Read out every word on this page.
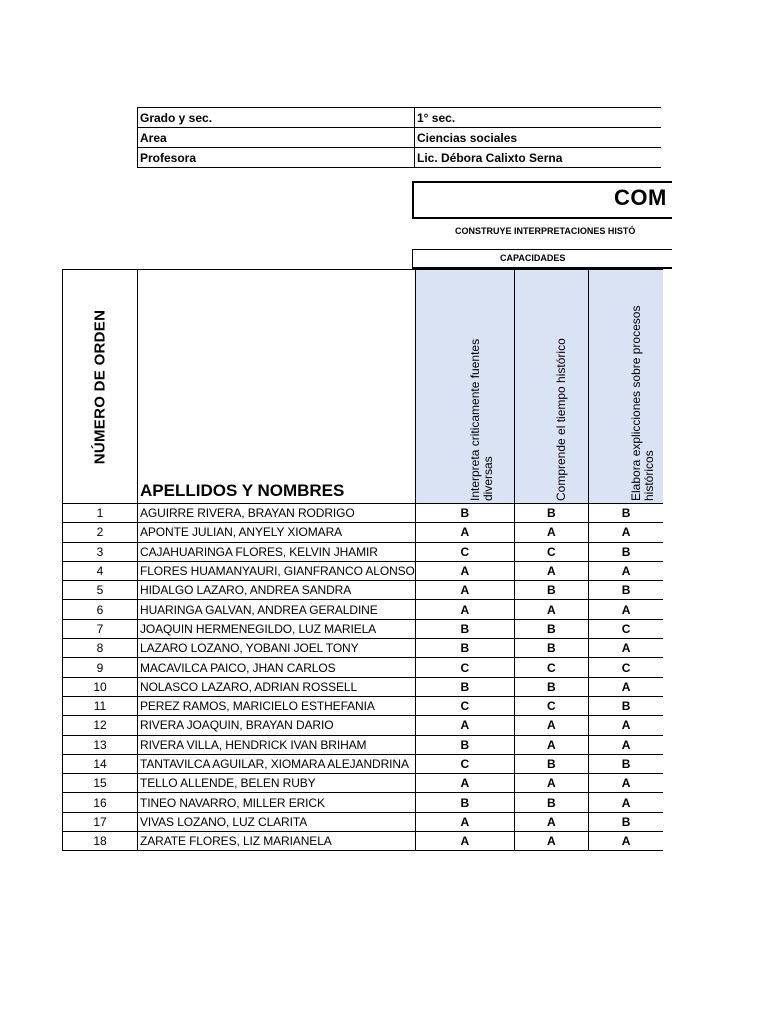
Grado y sec.	1° sec.
Area	Ciencias sociales
Profesora	Lic. Débora Calixto Serna
COM
CONSTRUYE INTERPRETACIONES HISTÓ
CAPACIDADES
NÚMERO DE ORDEN	APELLIDOS Y NOMBRES	Interpreta criticamente fuentes diversas	Comprende el tiempo histórico	Elabora explicciones sobre procesos históricos

1	AGUIRRE RIVERA, BRAYAN RODRIGO	B	B	B
2	APONTE JULIAN, ANYELY XIOMARA	A	A	A
3	CAJAHUARINGA FLORES, KELVIN JHAMIR	C	C	B
4	FLORES HUAMANYAURI, GIANFRANCO ALONSO	A	A	A
5	HIDALGO LAZARO, ANDREA SANDRA	A	B	B
6	HUARINGA GALVAN, ANDREA GERALDINE	A	A	A
7	JOAQUIN HERMENEGILDO, LUZ MARIELA	B	B	C
8	LAZARO LOZANO, YOBANI JOEL TONY	B	B	A
9	MACAVILCA PAICO, JHAN CARLOS	C	C	C
10	NOLASCO LAZARO, ADRIAN ROSSELL	B	B	A
11	PEREZ RAMOS, MARICIELO ESTHEFANIA	C	C	B
12	RIVERA JOAQUIN, BRAYAN DARIO	A	A	A
13	RIVERA VILLA, HENDRICK IVAN BRIHAM	B	A	A
14	TANTAVILCA AGUILAR, XIOMARA ALEJANDRINA	C	B	B
15	TELLO ALLENDE, BELEN RUBY	A	A	A
16	TINEO NAVARRO, MILLER ERICK	B	B	A
17	VIVAS LOZANO, LUZ CLARITA	A	A	B
18	ZARATE FLORES, LIZ MARIANELA	A	A	A
